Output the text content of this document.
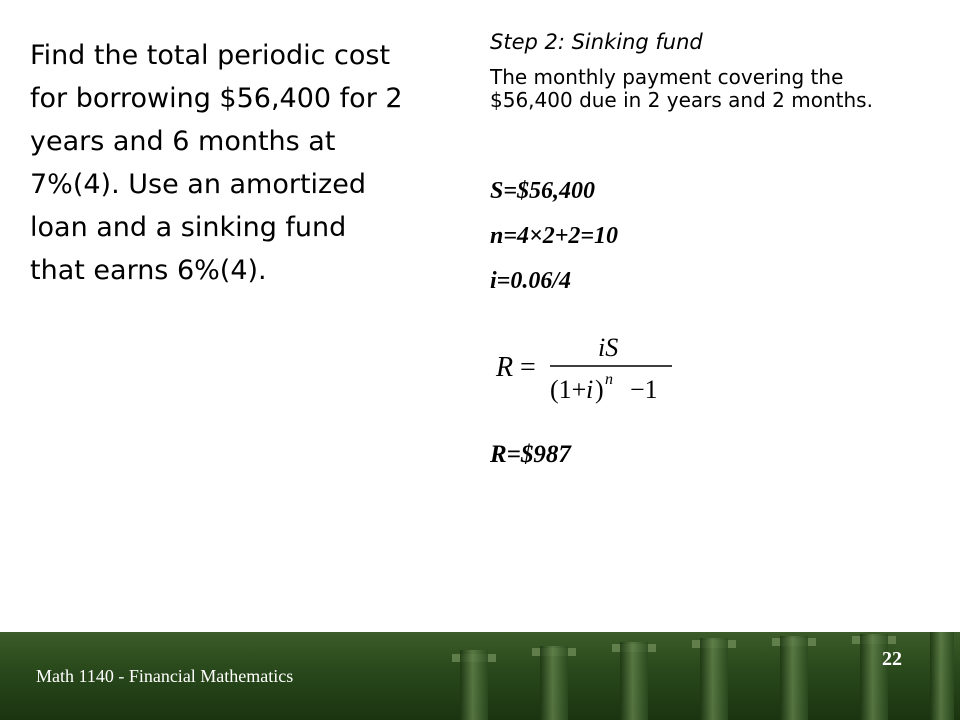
Find the total periodic cost
for borrowing $56,400 for 2
years and 6 months at
7%(4). Use an amortized
loan and a sinking fund
that earns 6%(4).
Step 2: Sinking fund
The monthly payment covering the $56,400 due in 2 years and 2 months.
S=$56,400
n=4×2+2=10
i=0.06/4
R =
iS
(1+ i ) n −1
R=$987
Math 1140 - Financial Mathematics
22
